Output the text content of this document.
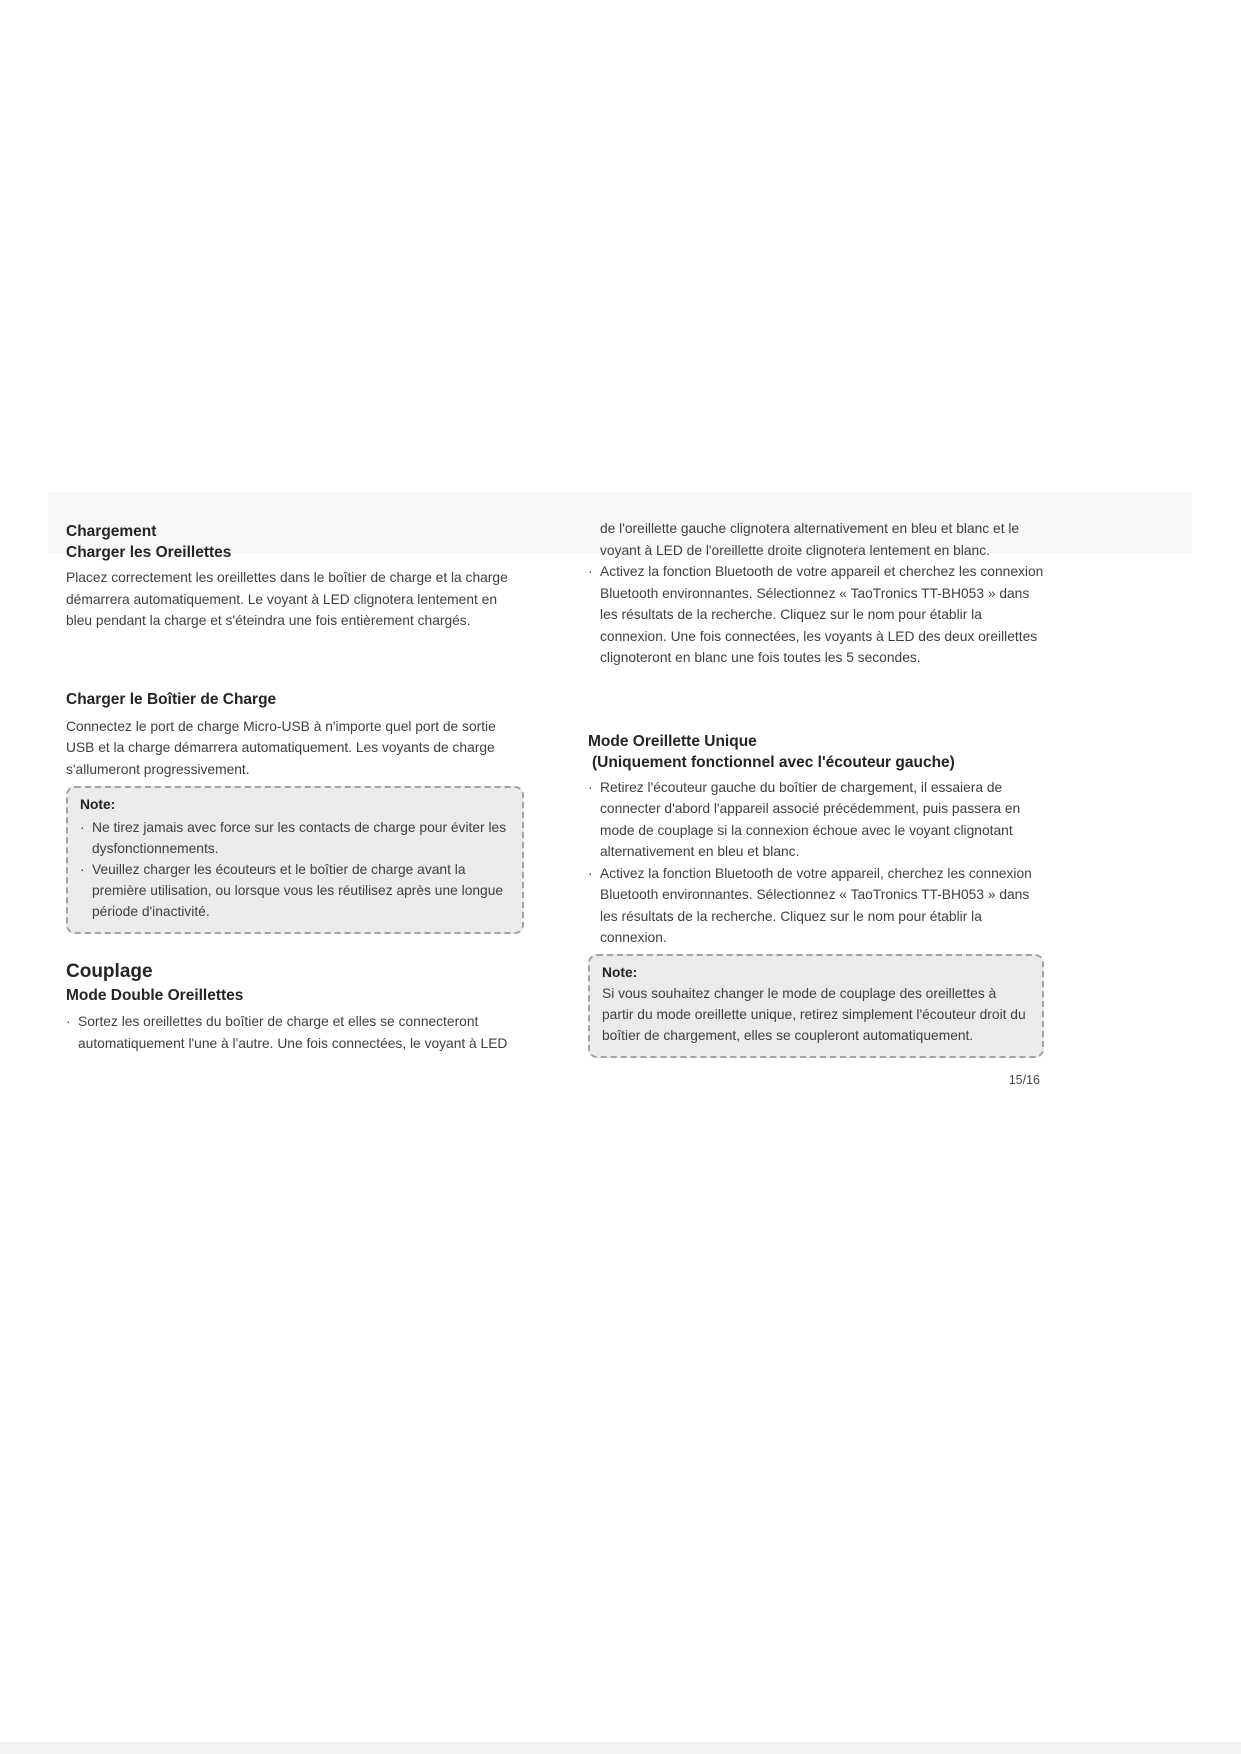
Chargement
Charger les Oreillettes
Placez correctement les oreillettes dans le boîtier de charge et la charge démarrera automatiquement. Le voyant à LED clignotera lentement en bleu pendant la charge et s'éteindra une fois entièrement chargés.
Charger le Boîtier de Charge
Connectez le port de charge Micro-USB à n'importe quel port de sortie USB et la charge démarrera automatiquement. Les voyants de charge s'allumeront progressivement.
Note:
· Ne tirez jamais avec force sur les contacts de charge pour éviter les dysfonctionnements.
· Veuillez charger les écouteurs et le boîtier de charge avant la première utilisation, ou lorsque vous les réutilisez après une longue période d'inactivité.
Couplage
Mode Double Oreillettes
· Sortez les oreillettes du boîtier de charge et elles se connecteront automatiquement l'une à l'autre. Une fois connectées, le voyant à LED
de l'oreillette gauche clignotera alternativement en bleu et blanc et le voyant à LED de l'oreillette droite clignotera lentement en blanc.
· Activez la fonction Bluetooth de votre appareil et cherchez les connexion Bluetooth environnantes. Sélectionnez « TaoTronics TT-BH053 » dans les résultats de la recherche. Cliquez sur le nom pour établir la connexion. Une fois connectées, les voyants à LED des deux oreillettes clignoteront en blanc une fois toutes les 5 secondes.
Mode Oreillette Unique
(Uniquement fonctionnel avec l'écouteur gauche)
· Retirez l'écouteur gauche du boîtier de chargement, il essaiera de connecter d'abord l'appareil associé précédemment, puis passera en mode de couplage si la connexion échoue avec le voyant clignotant alternativement en bleu et blanc.
· Activez la fonction Bluetooth de votre appareil, cherchez les connexion Bluetooth environnantes. Sélectionnez « TaoTronics TT-BH053 » dans les résultats de la recherche. Cliquez sur le nom pour établir la connexion.
Note:
Si vous souhaitez changer le mode de couplage des oreillettes à partir du mode oreillette unique, retirez simplement l'écouteur droit du boîtier de chargement, elles se coupleront automatiquement.
15/16
